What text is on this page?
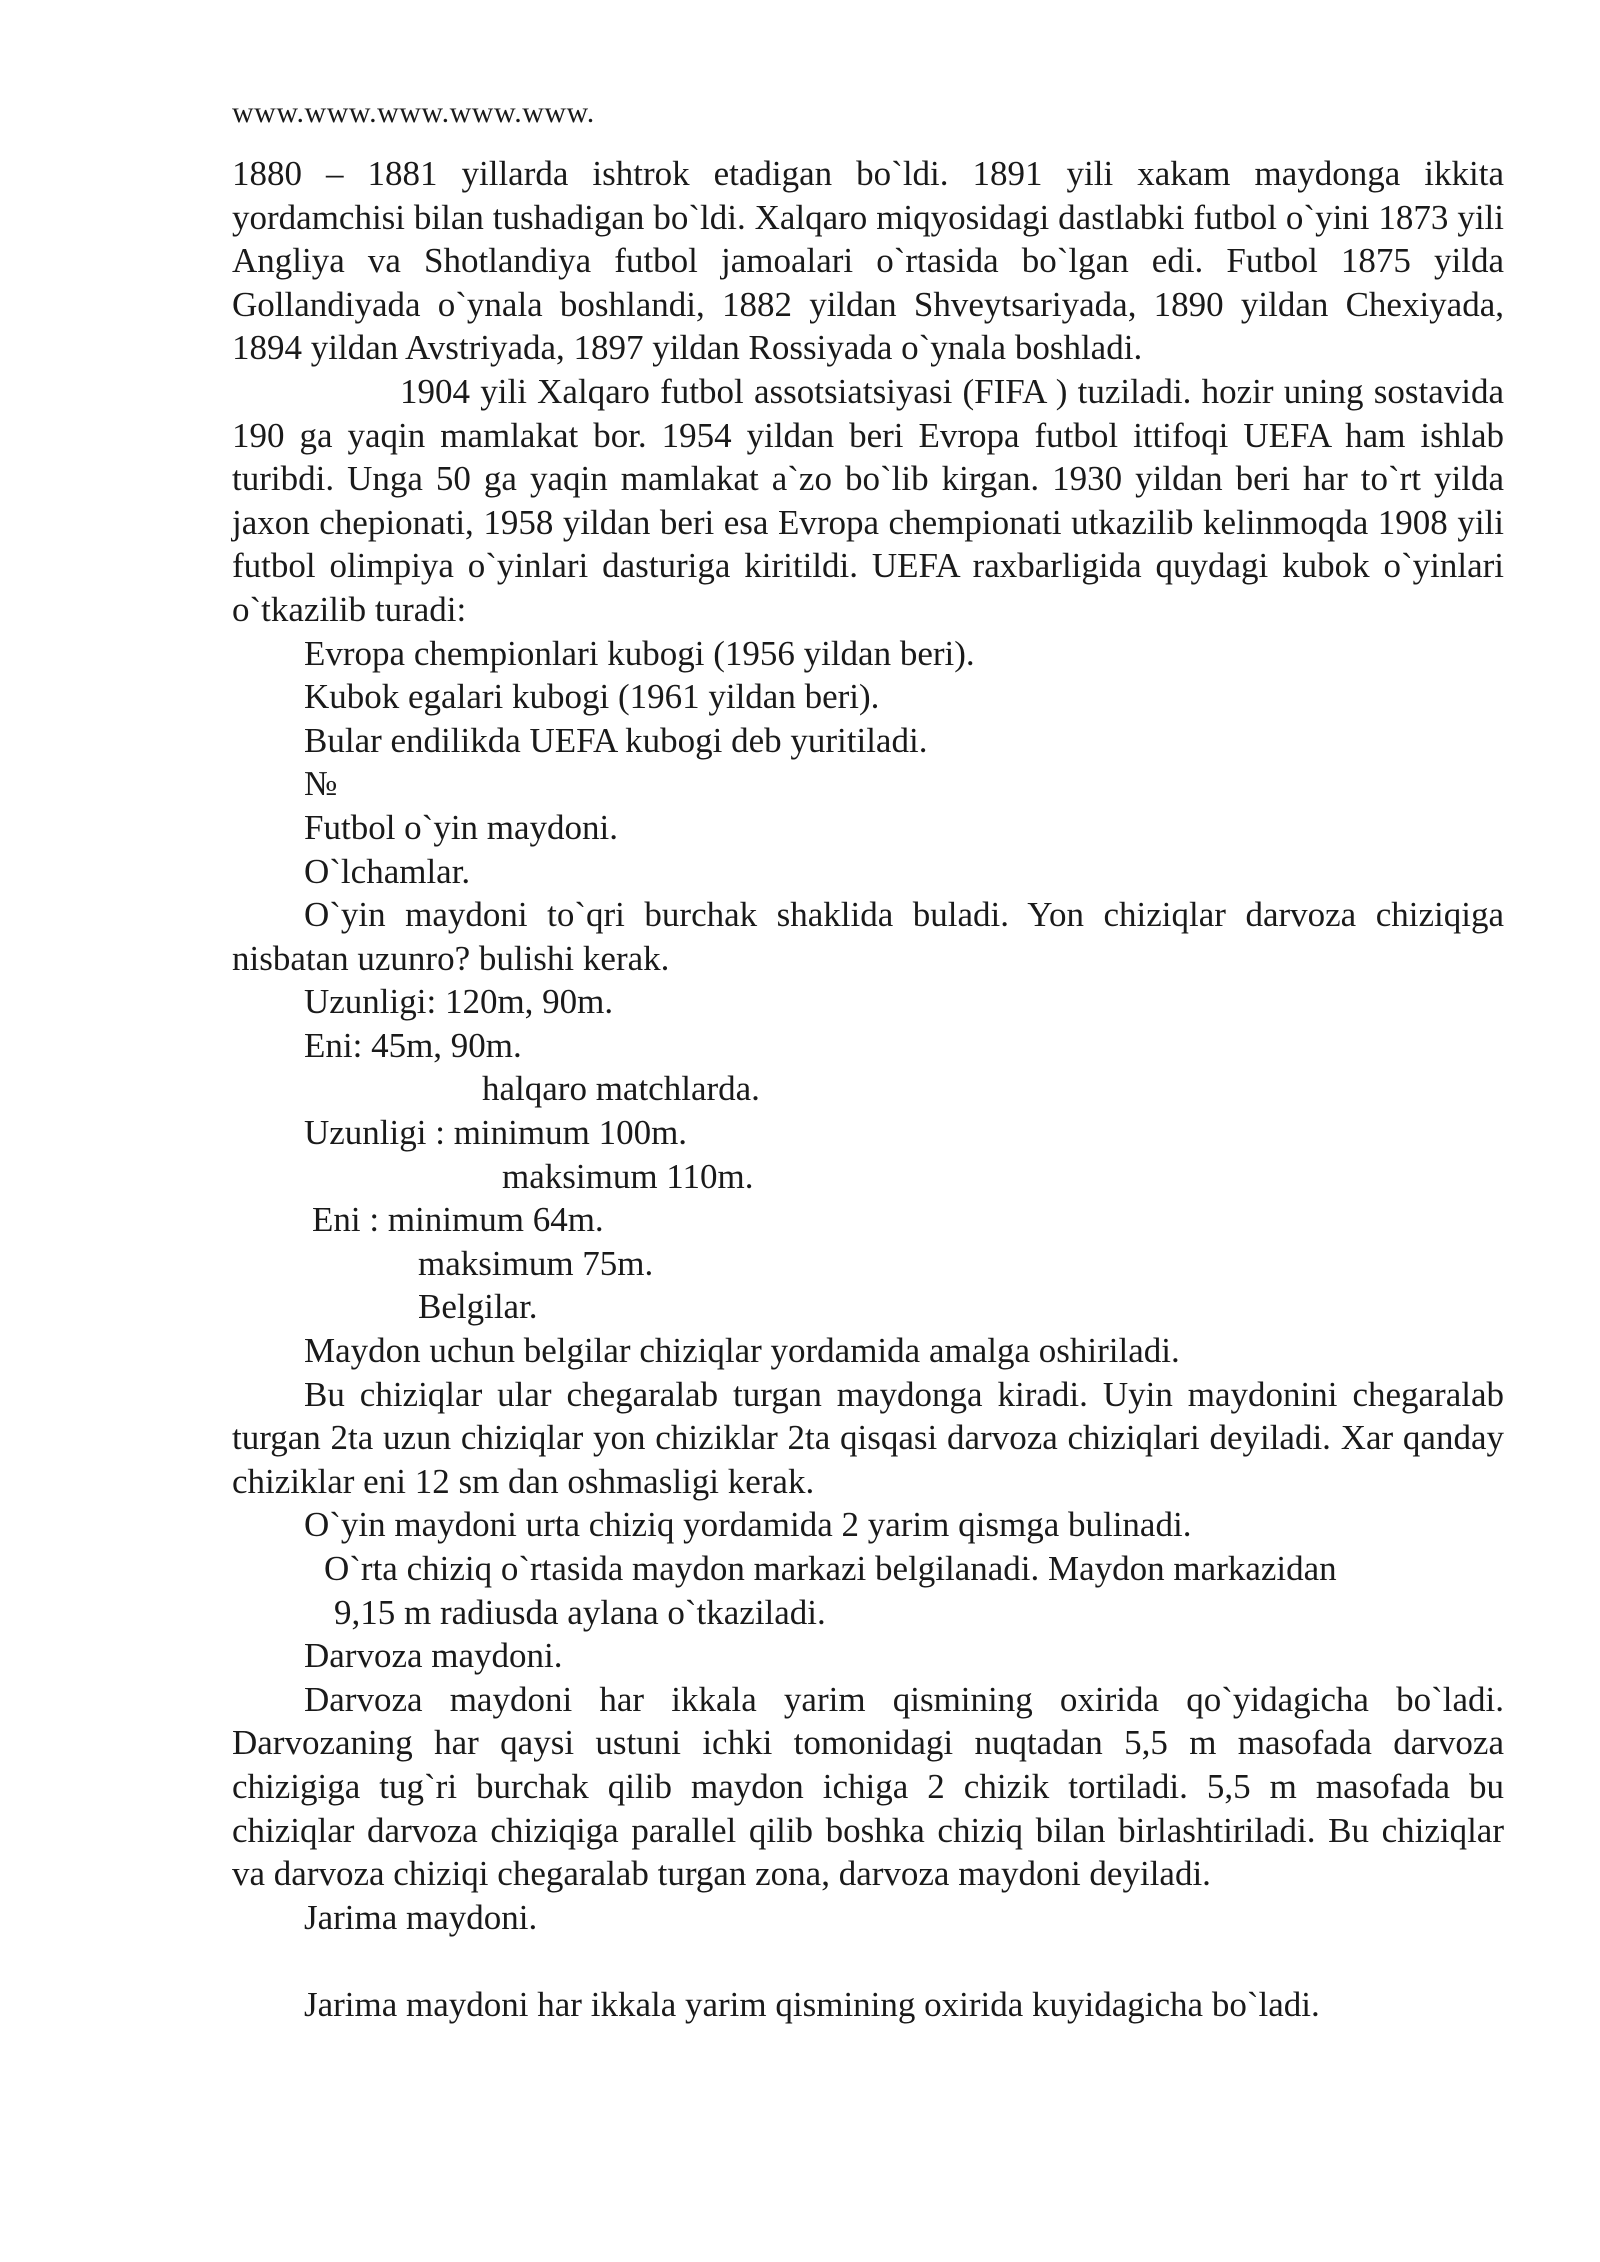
www.www.www.www.www.

1880 – 1881 yillarda ishtrok etadigan bo`ldi. 1891 yili xakam maydonga ikkita yordamchisi bilan tushadigan bo`ldi. Xalqaro miqyosidagi dastlabki futbol o`yini 1873 yili Angliya va Shotlandiya futbol jamoalari o`rtasida bo`lgan edi. Futbol 1875 yilda Gollandiyada o`ynala boshlandi, 1882 yildan Shveytsariyada, 1890 yildan Chexiyada, 1894 yildan Avstriyada, 1897 yildan Rossiyada o`ynala boshladi.

1904 yili Xalqaro futbol assotsiatsiyasi (FIFA ) tuziladi. hozir uning sostavida 190 ga yaqin mamlakat bor. 1954 yildan beri Evropa futbol ittifoqi UEFA ham ishlab turibdi. Unga 50 ga yaqin mamlakat a`zo bo`lib kirgan. 1930 yildan beri har to`rt yilda jaxon chepionati, 1958 yildan beri esa Evropa chempionati utkazilib kelinmoqda 1908 yili futbol olimpiya o`yinlari dasturiga kiritildi. UEFA raxbarligida quydagi kubok o`yinlari o`tkazilib turadi:

Evropa chempionlari kubogi (1956 yildan beri).

Kubok egalari kubogi (1961 yildan beri).

Bular endilikda UEFA kubogi deb yuritiladi.

№

Futbol o`yin maydoni.

O`lchamlar.

O`yin maydoni to`qri burchak shaklida buladi. Yon chiziqlar darvoza chiziqiga nisbatan uzunro? bulishi kerak.

Uzunligi: 120m, 90m.

Eni: 45m, 90m.

halqaro matchlarda.

Uzunligi : minimum 100m.

maksimum 110m.

Eni : minimum 64m.

maksimum 75m.

Belgilar.

Maydon uchun belgilar chiziqlar yordamida amalga oshiriladi.

Bu chiziqlar ular chegaralab turgan maydonga kiradi. Uyin maydonini chegaralab turgan 2ta uzun chiziqlar yon chiziklar 2ta qisqasi darvoza chiziqlari deyiladi. Xar qanday chiziklar eni 12 sm dan oshmasligi kerak.

O`yin maydoni urta chiziq yordamida 2 yarim qismga bulinadi.

O`rta chiziq o`rtasida maydon markazi belgilanadi. Maydon markazidan

9,15 m radiusda aylana o`tkaziladi.

Darvoza maydoni.

Darvoza maydoni har ikkala yarim qismining oxirida qo`yidagicha bo`ladi. Darvozaning har qaysi ustuni ichki tomonidagi nuqtadan 5,5 m masofada darvoza chizigiga tug`ri burchak qilib maydon ichiga 2 chizik tortiladi. 5,5 m masofada bu chiziqlar darvoza chiziqiga parallel qilib boshka chiziq bilan birlashtiriladi. Bu chiziqlar va darvoza chiziqi chegaralab turgan zona, darvoza maydoni deyiladi.

Jarima maydoni.

Jarima maydoni har ikkala yarim qismining oxirida kuyidagicha bo`ladi.
